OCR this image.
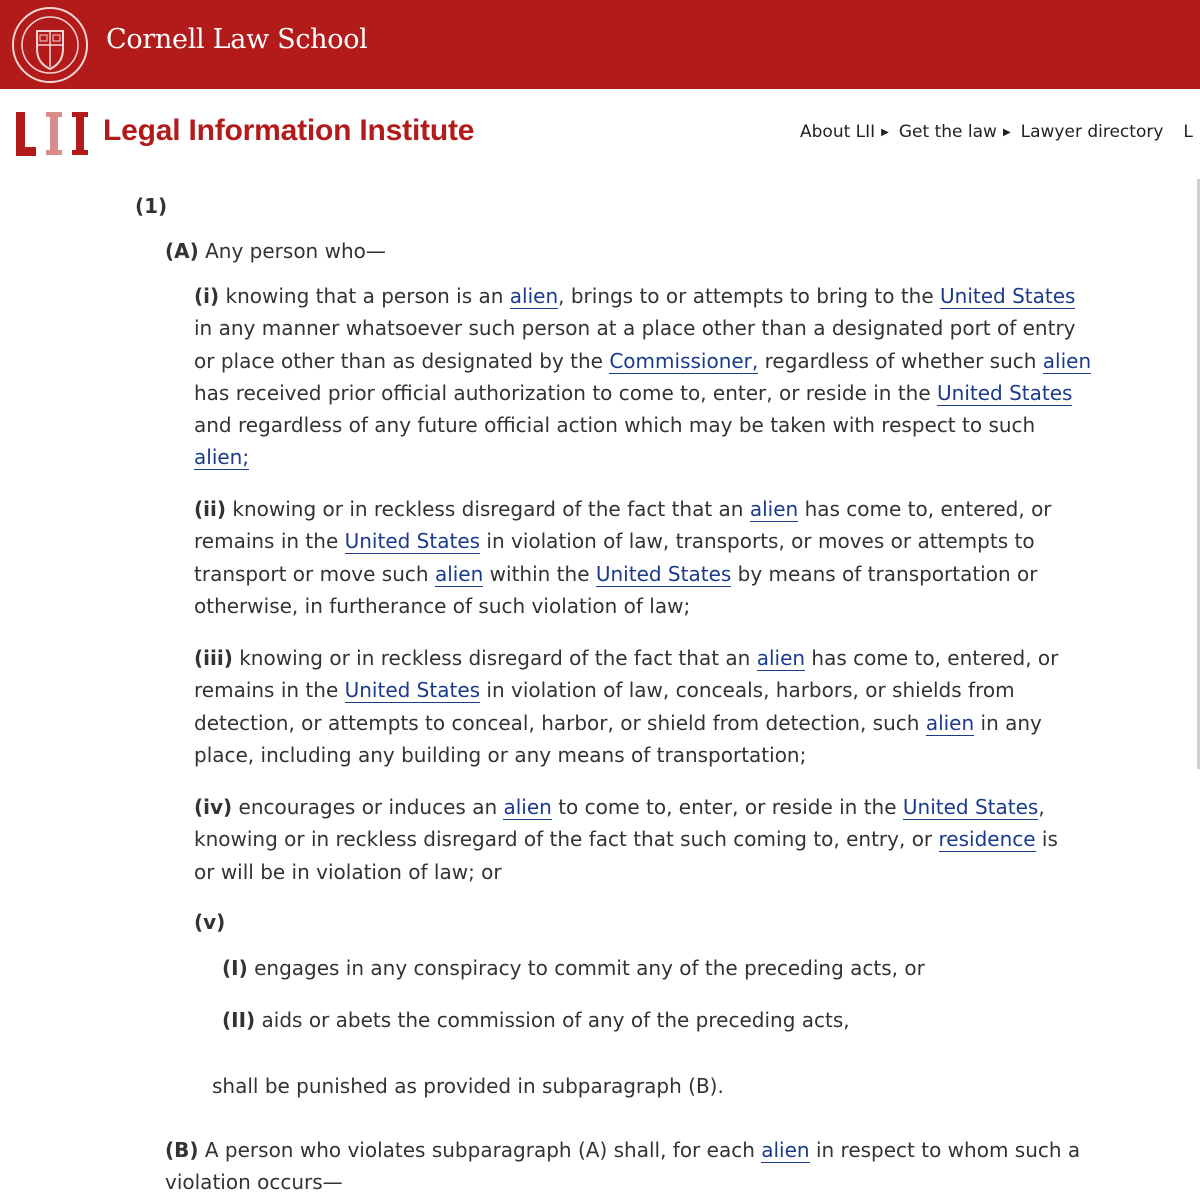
Cornell Law School
Legal Information Institute	About LII ▶ Get the law ▶ Lawyer directory L

(1)

(A) Any person who—

(i) knowing that a person is an alien, brings to or attempts to bring to the United States in any manner whatsoever such person at a place other than a designated port of entry or place other than as designated by the Commissioner, regardless of whether such alien has received prior official authorization to come to, enter, or reside in the United States and regardless of any future official action which may be taken with respect to such alien;

(ii) knowing or in reckless disregard of the fact that an alien has come to, entered, or remains in the United States in violation of law, transports, or moves or attempts to transport or move such alien within the United States by means of transportation or otherwise, in furtherance of such violation of law;

(iii) knowing or in reckless disregard of the fact that an alien has come to, entered, or remains in the United States in violation of law, conceals, harbors, or shields from detection, or attempts to conceal, harbor, or shield from detection, such alien in any place, including any building or any means of transportation;

(iv) encourages or induces an alien to come to, enter, or reside in the United States, knowing or in reckless disregard of the fact that such coming to, entry, or residence is or will be in violation of law; or

(v)

(I) engages in any conspiracy to commit any of the preceding acts, or

(II) aids or abets the commission of any of the preceding acts,

shall be punished as provided in subparagraph (B).

(B) A person who violates subparagraph (A) shall, for each alien in respect to whom such a violation occurs—
